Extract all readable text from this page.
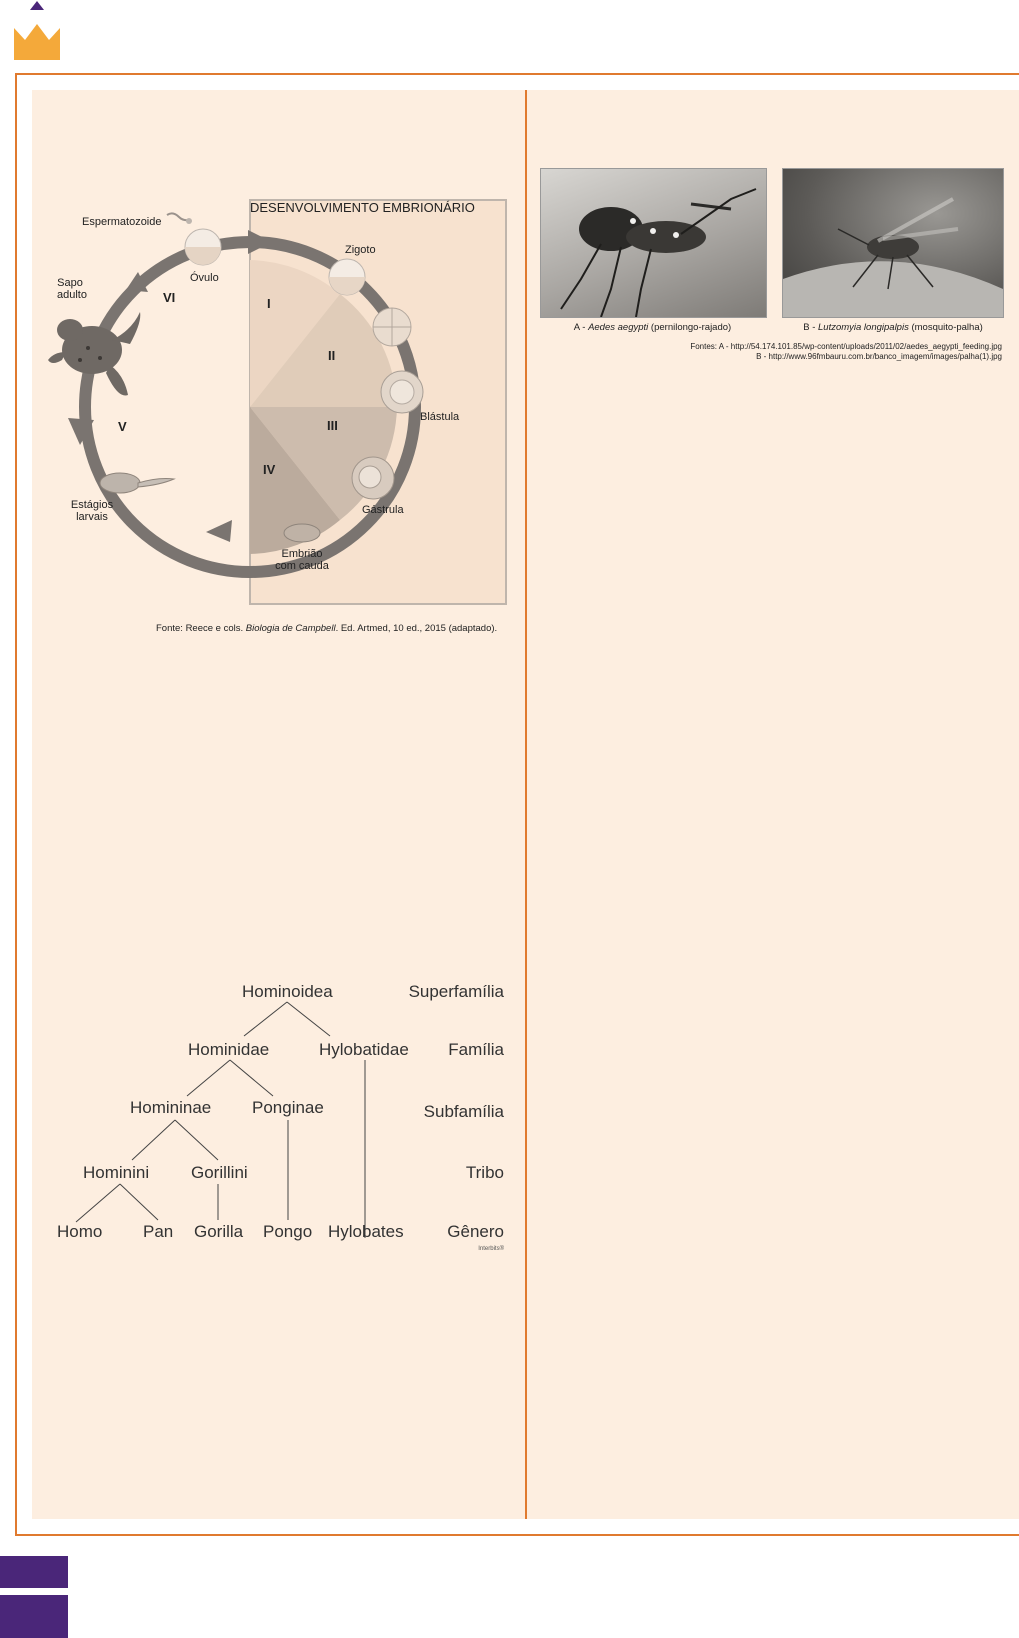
DESENVOLVIMENTO EMBRIONÁRIO
Espermatozoide
Óvulo
Zigoto
Sapo
adulto
Blástula
Gástrula
Embrião
com cauda
Estágios
larvais
I
II
III
IV
V
VI
Fonte: Reece e cols. Biologia de Campbell. Ed. Artmed, 10 ed., 2015 (adaptado).
Hominoidea
Hominidae	Hylobatidae
Homininae Ponginae
Hominini Gorillini
Homo Pan Gorilla Pongo Hylobates
Superfamília
Família
Subfamília
Tribo
Gênero
Interbits®
A - Aedes aegypti (pernilongo-rajado)	B - Lutzomyia longipalpis (mosquito-palha)
Fontes: A - http://54.174.101.85/wp-content/uploads/2011/02/aedes_aegypti_feeding.jpg
B - http://www.96fmbauru.com.br/banco_imagem/images/palha(1).jpg
